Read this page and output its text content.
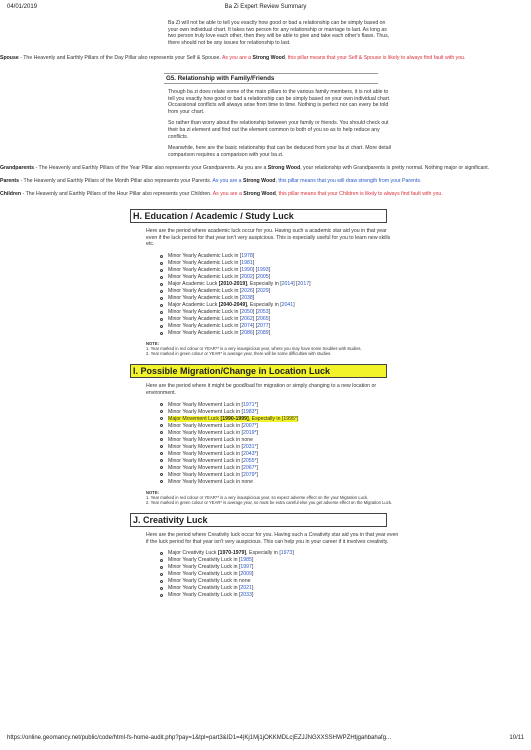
04/01/2019	Ba Zi Expert Review Summary

Ba Zi will not be able to tell you exactly how good or bad a relationship can be simply based on your own individual chart. It takes two person for any relationship or marriage to last. As long as two person truly love each other, then they will be able to give and take each other's flaws. Thus, there should not be any issues for relationship to last.

Spouse - The Heavenly and Earthly Pillars of the Day Pillar also represents your Self & Spouse. As you are a Strong Wood, this pillar means that your Self & Spouse is likely to always find fault with you.
G5. Relationship with Family/Friends

Though ba zi does relate some of the main pillars to the various family members, it is not able to tell you exactly how good or bad a relationship can be simply based on your own individual chart. Occassional conflicts will always arise from time to time. Nothing is perfect nor can every be told from your chart.

So rather than worry about the relationship between your family or friends. You should check out their ba zi element and find out the element common to both of you so as to help reduce any conflicts.

Meanwhile, here are the basic relationship that can be deduced from your ba zi chart. More detail comparison requires a comparison with your ba zi.

Grandparents - The Heavenly and Earthly Pillars of the Year Pillar also represents your Grandparents. As you are a Strong Wood, your relationship with Grandparents is pretty normal. Nothing major or significant.
Parents - The Heavenly and Earthly Pillars of the Month Pillar also represents your Parents. As you are a Strong Wood, this pillar means that you will draw strength from your Parents.
Children - The Heavenly and Earthly Pillars of the Hour Pillar also represents your Children. As you are a Strong Wood, this pillar means that your Children is likely to always find fault with you.
H. Education / Academic / Study Luck

Here are the period where academic luck occur for you. Having such a academic star aid you in that year even if the luck period for that year isn't very auspicious. This is especially useful for you to learn new skills etc.

Minor Yearly Academic Luck in [1978]
Minor Yearly Academic Luck in [1981]
Minor Yearly Academic Luck in [1990] [1993]
Minor Yearly Academic Luck in [2002] [2005]
Major Academic Luck [2010-2019], Especially in [2014] [2017]
Minor Yearly Academic Luck in [2026] [2029]
Minor Yearly Academic Luck in [2038]
Major Academic Luck [2040-2049], Especially in [2041]
Minor Yearly Academic Luck in [2050] [2053]
Minor Yearly Academic Luck in [2062] [2065]
Minor Yearly Academic Luck in [2074] [2077]
Minor Yearly Academic Luck in [2086] [2089]
NOTE:
1. Year marked in red colour or YEAR** is a very inauspicious year, where you may have some troubles with studies.
2. Year marked in green colour or YEAR* is average year, there will be some difficulties with studies.
I. Possible Migration/Change in Location Luck

Here are the period where it might be good/bad for migration or simply changing to a new location or environment.

Minor Yearly Movement Luck in [1971*]
Minor Yearly Movement Luck in [1983*]
Major Movement Luck [1990-1999], Especially in [1995*]
Minor Yearly Movement Luck in [2007*]
Minor Yearly Movement Luck in [2019*]
Minor Yearly Movement Luck in none
Minor Yearly Movement Luck in [2031*]
Minor Yearly Movement Luck in [2043*]
Minor Yearly Movement Luck in [2055*]
Minor Yearly Movement Luck in [2067*]
Minor Yearly Movement Luck in [2079*]
Minor Yearly Movement Luck in none
NOTE:
1. Year marked in red colour or YEAR** is a very inauspicious year, so expect adverse effect on the your Migration Luck.
2. Year marked in green colour or YEAR* is average year, so must be extra careful else you get adverse effect on the Migration Luck.
J. Creativity Luck

Here are the period where Creativity luck occur for you. Having such a Creativity star aid you in that year even if the luck period for that year isn't very auspicious. This can help you in your career if it involves creativity.

Major Creativity Luck [1970-1979], Especially in [1973]
Minor Yearly Creativity Luck in [1985]
Minor Yearly Creativity Luck in [1997]
Minor Yearly Creativity Luck in [2009]
Minor Yearly Creativity Luck in none
Minor Yearly Creativity Luck in [2021]
Minor Yearly Creativity Luck in [2033]
https://online.geomancy.net/public/code/html-fs-home-audit.php?pay=1&tpl=part3&ID1=4|Kj1Mj1jOKKMDLc|EZJJNGXXSSHWPZHtjgahbahafg...	10/11
